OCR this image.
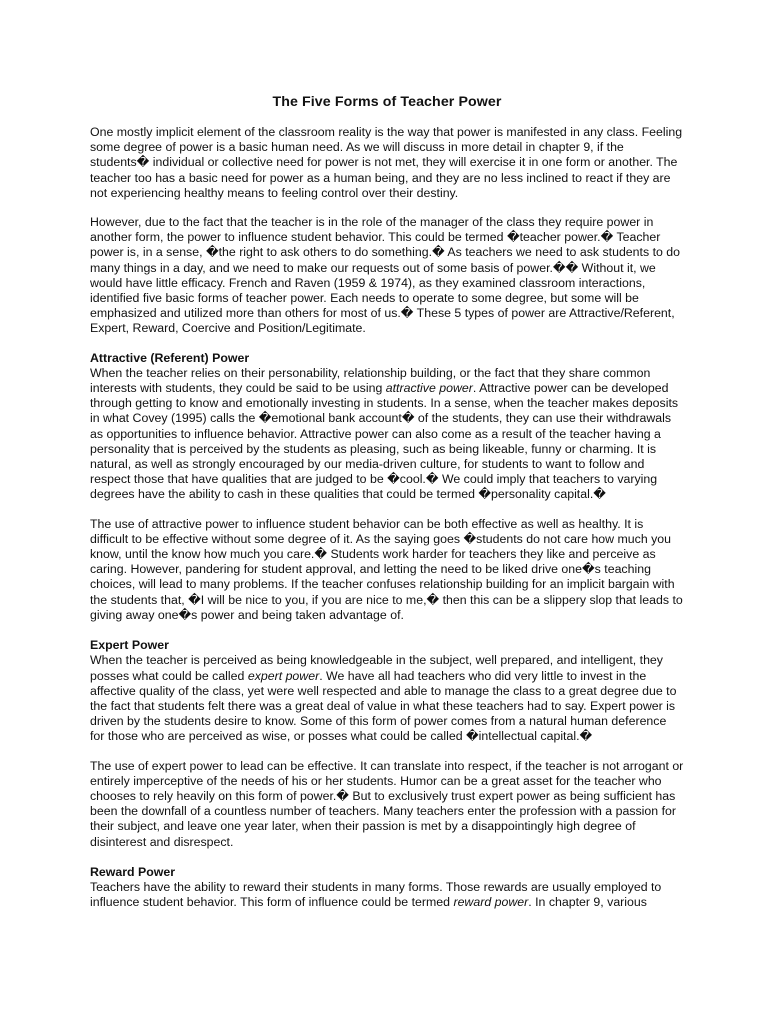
The Five Forms of Teacher Power

One mostly implicit element of the classroom reality is the way that power is manifested in any class. Feeling some degree of power is a basic human need. As we will discuss in more detail in chapter 9, if the students� individual or collective need for power is not met, they will exercise it in one form or another. The teacher too has a basic need for power as a human being, and they are no less inclined to react if they are not experiencing healthy means to feeling control over their destiny.

However, due to the fact that the teacher is in the role of the manager of the class they require power in another form, the power to influence student behavior. This could be termed �teacher power.� Teacher power is, in a sense, �the right to ask others to do something.� As teachers we need to ask students to do many things in a day, and we need to make our requests out of some basis of power.�� Without it, we would have little efficacy. French and Raven (1959 & 1974), as they examined classroom interactions, identified five basic forms of teacher power. Each needs to operate to some degree, but some will be emphasized and utilized more than others for most of us.� These 5 types of power are Attractive/Referent, Expert, Reward, Coercive and Position/Legitimate.

Attractive (Referent) Power
When the teacher relies on their personability, relationship building, or the fact that they share common interests with students, they could be said to be using attractive power. Attractive power can be developed through getting to know and emotionally investing in students. In a sense, when the teacher makes deposits in what Covey (1995) calls the �emotional bank account� of the students, they can use their withdrawals as opportunities to influence behavior. Attractive power can also come as a result of the teacher having a personality that is perceived by the students as pleasing, such as being likeable, funny or charming. It is natural, as well as strongly encouraged by our media-driven culture, for students to want to follow and respect those that have qualities that are judged to be �cool.� We could imply that teachers to varying degrees have the ability to cash in these qualities that could be termed �personality capital.�

The use of attractive power to influence student behavior can be both effective as well as healthy. It is difficult to be effective without some degree of it. As the saying goes �students do not care how much you know, until the know how much you care.� Students work harder for teachers they like and perceive as caring. However, pandering for student approval, and letting the need to be liked drive one�s teaching choices, will lead to many problems. If the teacher confuses relationship building for an implicit bargain with the students that, �I will be nice to you, if you are nice to me,� then this can be a slippery slop that leads to giving away one�s power and being taken advantage of.

Expert Power
When the teacher is perceived as being knowledgeable in the subject, well prepared, and intelligent, they posses what could be called expert power. We have all had teachers who did very little to invest in the affective quality of the class, yet were well respected and able to manage the class to a great degree due to the fact that students felt there was a great deal of value in what these teachers had to say. Expert power is driven by the students desire to know. Some of this form of power comes from a natural human deference for those who are perceived as wise, or posses what could be called �intellectual capital.�

The use of expert power to lead can be effective. It can translate into respect, if the teacher is not arrogant or entirely imperceptive of the needs of his or her students. Humor can be a great asset for the teacher who chooses to rely heavily on this form of power.� But to exclusively trust expert power as being sufficient has been the downfall of a countless number of teachers. Many teachers enter the profession with a passion for their subject, and leave one year later, when their passion is met by a disappointingly high degree of disinterest and disrespect.

Reward Power
Teachers have the ability to reward their students in many forms. Those rewards are usually employed to influence student behavior. This form of influence could be termed reward power. In chapter 9, various
